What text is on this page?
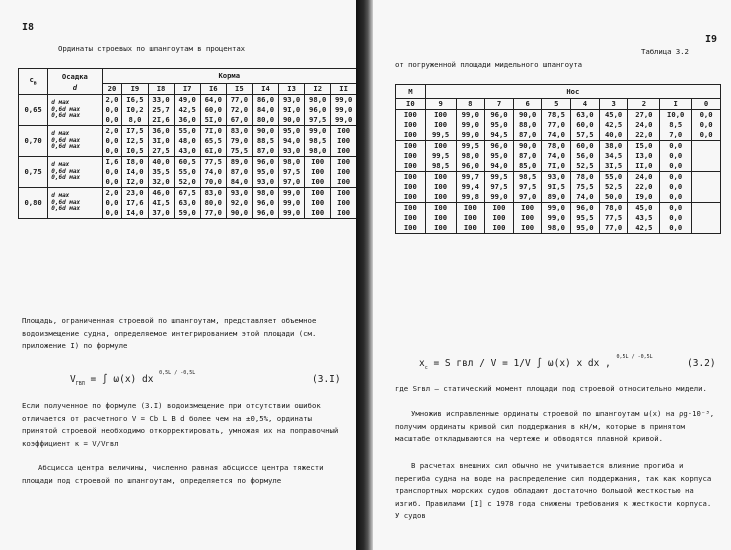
I8
Ординаты строевых по шпангоутам в процентах
$c_в$	Осадка
d	Корма									
		20	I9	I8	I7	I6	I5	I4	I3	I2	II
0,65	d маx
0,6d маx
0,6d маx	2,0	I6,5	33,0	49,0	64,0	77,0	86,0	93,0	98,0	99,0
		0,0	I0,2	25,7	42,5	60,0	72,0	84,0	9I,0	96,0	99,0
		0,0	8,0	2I,6	36,0	5I,0	67,0	80,0	90,0	97,5	99,0
0,70	d маx
0,6d маx
0,6d маx	2,0	I7,5	36,0	55,0	7I,0	83,0	90,0	95,0	99,0	I00
		0,0	I2,5	3I,0	48,0	65,5	79,0	88,5	94,0	98,5	I00
		0,0	I0,5	27,5	43,0	6I,0	75,5	87,0	93,0	98,0	I00
0,75	d маx
0,6d маx
0,6d маx	I,6	I8,0	40,0	60,5	77,5	89,0	96,0	98,0	I00	I00
		0,0	I4,0	35,5	55,0	74,0	87,0	95,0	97,5	I00	I00
		0,0	I2,0	32,0	52,0	70,0	84,0	93,0	97,0	I00	I00
0,80	d маx
0,6d маx
0,6d маx	2,0	23,0	46,0	67,5	83,0	93,0	98,0	99,0	I00	I00
		0,0	I7,6	4I,5	63,0	80,0	92,0	96,0	99,0	I00	I00
		0,0	I4,0	37,0	59,0	77,0	90,0	96,0	99,0	I00	I00
Площадь, ограниченная строевой по шпангоутам, представляет объемное водоизмещение судна, определяемое интегрированием этой площади (см. приложение I) по формуле
$V_{ГВЛ}$ = ∫ ω(x) dx $^{0,5L / -0,5L}$
(3.I)
Если полученное по формуле (3.I) водоизмещение при отсутствии ошибок отличается от расчетного V = Cb L B d более чем на ±0,5%, ординаты принятой строевой необходимо откорректировать, умножая их на поправочный коэффициент κ = V/Vгвл
Абсцисса центра величины, численно равная абсциссе центра тяжести площади под строевой по шпангоутам, определяется по формуле
I9
Таблица 3.2
от погруженной площади мидельного шпангоута
M	Нос									
I0	9	8	7	6	5	4	3	2	I	0
I00	I00	99,0	96,0	90,0	78,5	63,0	45,0	27,0	I0,0	0,0
I00	I00	99,0	95,0	88,0	77,0	60,0	42,5	24,0	8,5	0,0
I00	99,5	99,0	94,5	87,0	74,0	57,5	40,0	22,0	7,0	0,0
I00	I00	99,5	96,0	90,0	78,0	60,0	38,0	I5,0	0,0	
I00	99,5	98,0	95,0	87,0	74,0	56,0	34,5	I3,0	0,0	
I00	98,5	96,0	94,0	85,0	7I,0	52,5	3I,5	II,0	0,0	
I00	I00	99,7	99,5	98,5	93,0	78,0	55,0	24,0	0,0	
I00	I00	99,4	97,5	97,5	9I,5	75,5	52,5	22,0	0,0	
I00	I00	99,8	99,0	97,0	89,0	74,0	50,0	I9,0	0,0	
I00	I00	I00	I00	I00	99,0	96,0	78,0	45,0	0,0	
I00	I00	I00	I00	I00	99,0	95,5	77,5	43,5	0,0	
I00	I00	I00	I00	I00	98,0	95,0	77,0	42,5	0,0	
$x_c = S$ гвл / V = 1/V ∫ ω(x) x dx , $^{0,5L / -0,5L}$
(3.2)
где Sгвл – статический момент площади под строевой относительно мидели.
Умножив исправленные ординаты строевой по шпангоутам ω(x) на ρg·10⁻³, получим ординаты кривой сил поддержания в кН/м, которые в принятом масштабе откладываются на чертеже и обводятся плавной кривой.
В расчетах внешних сил обычно не учитывается влияние прогиба и перегиба судна на воде на распределение сил поддержания, так как корпуса транспортных морских судов обладают достаточно большой жесткостью на изгиб. Правилами [I] с 1978 года снижены требования к жесткости корпуса. У судов
